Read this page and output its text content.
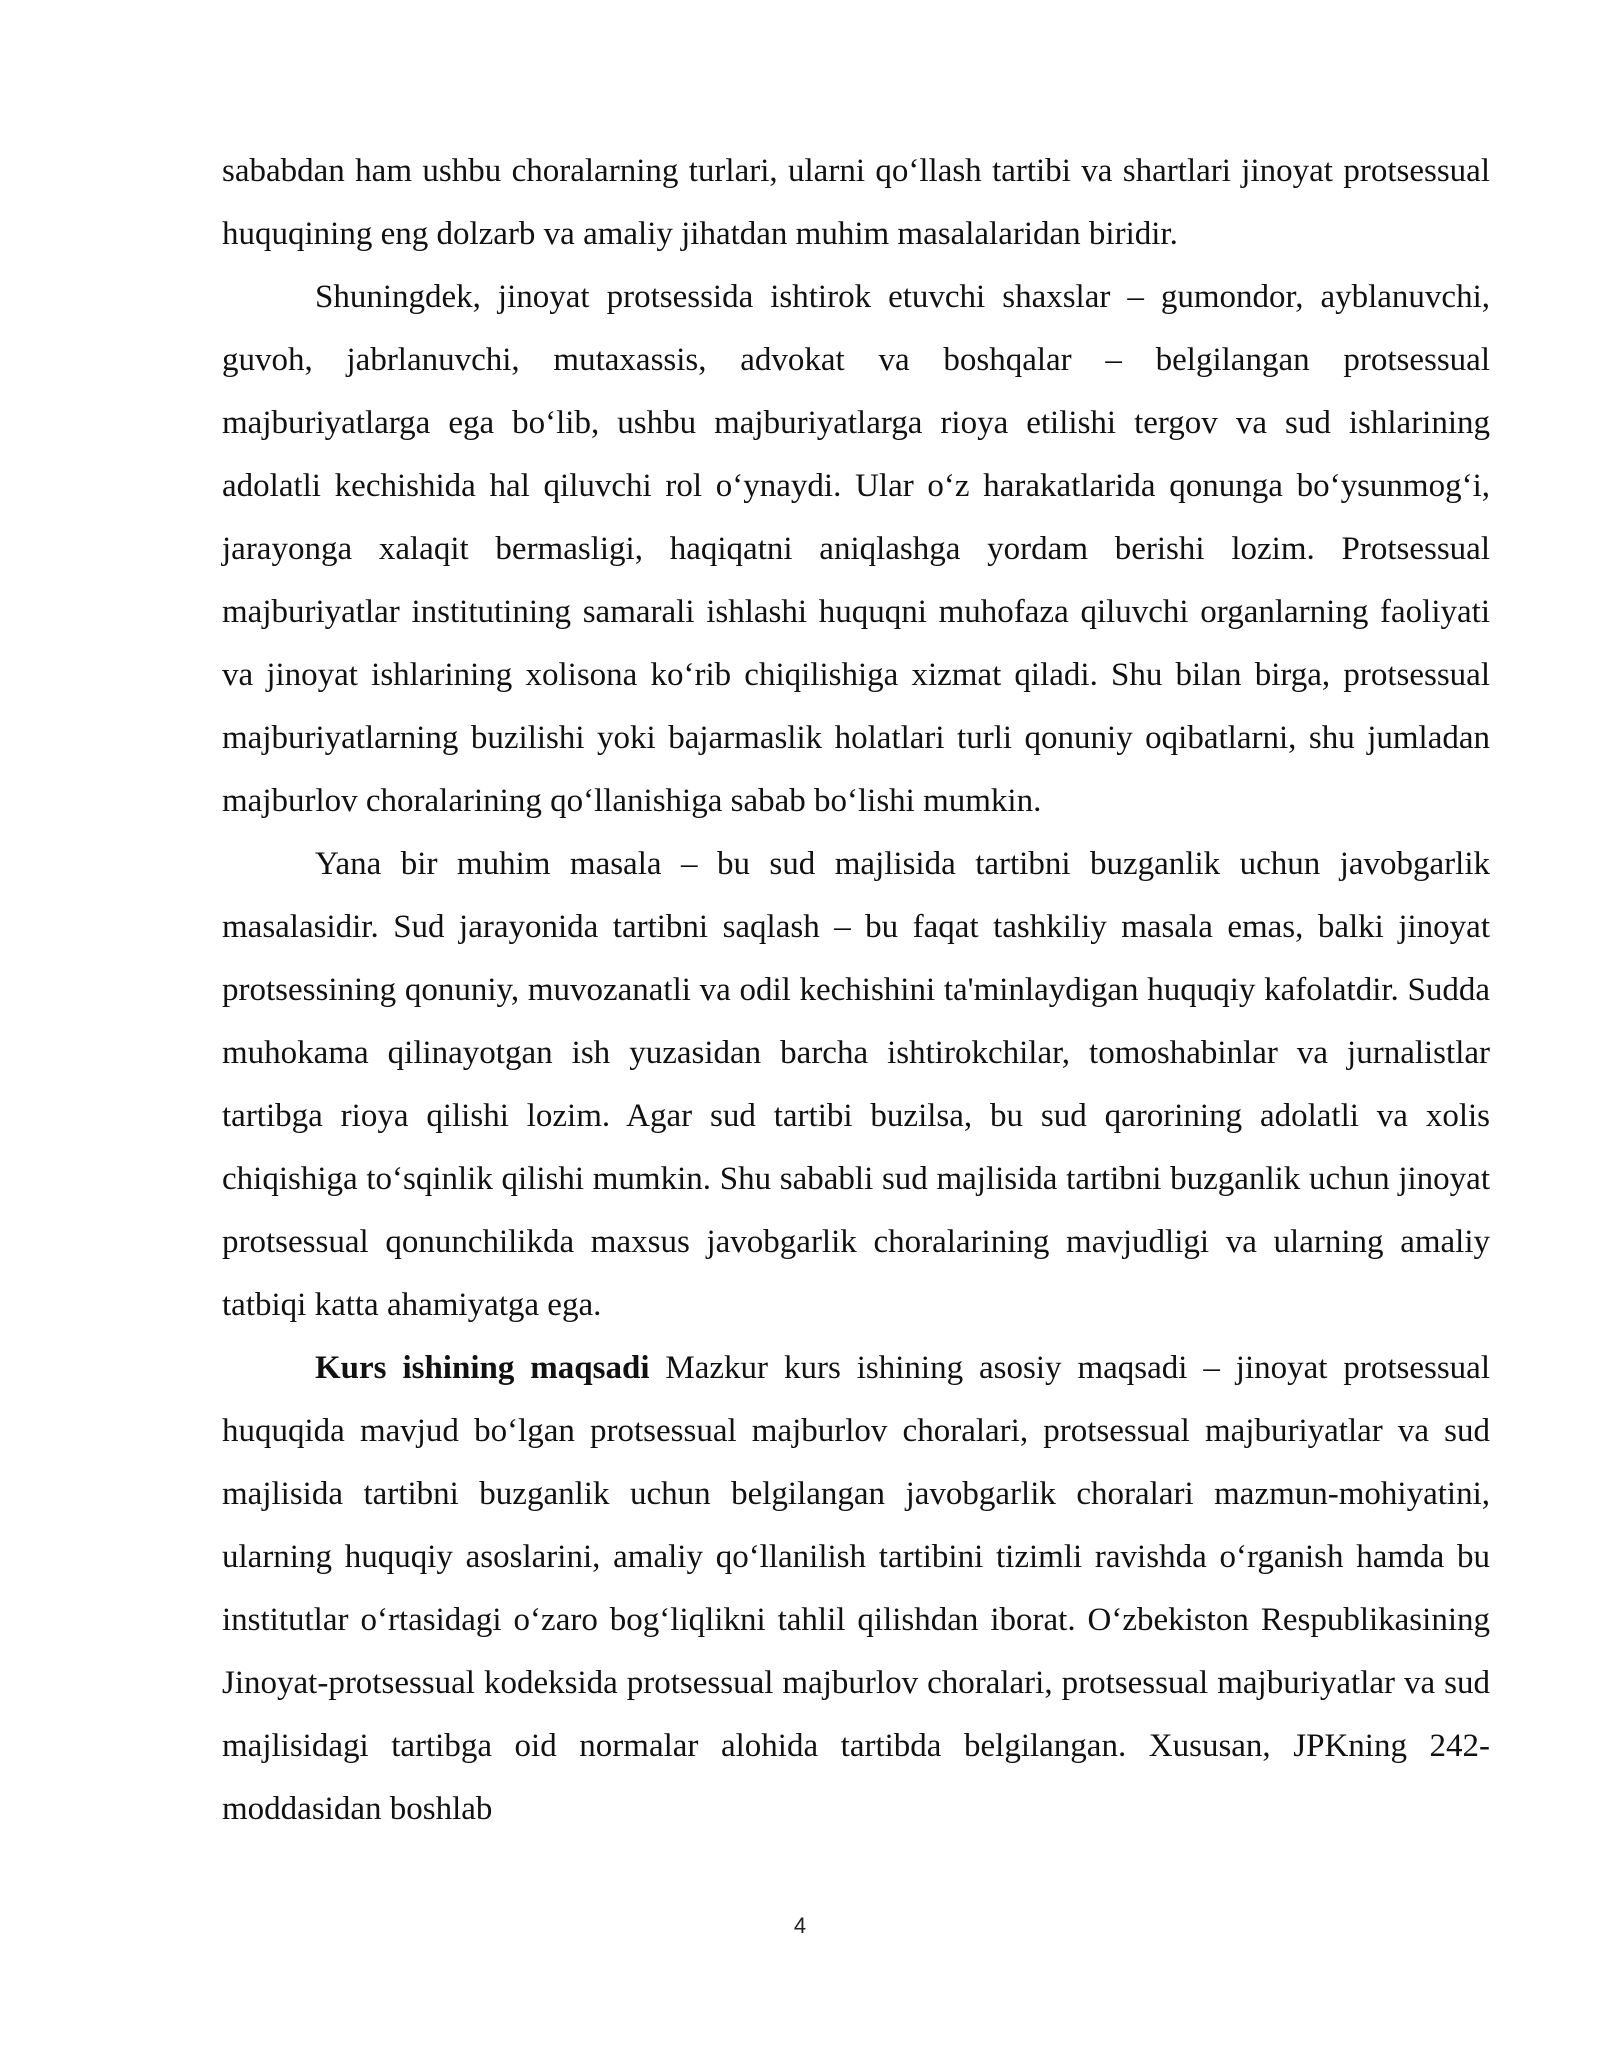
sababdan ham ushbu choralarning turlari, ularni qo‘llash tartibi va shartlari jinoyat protsessual huquqining eng dolzarb va amaliy jihatdan muhim masalalaridan biridir.

Shuningdek, jinoyat protsessida ishtirok etuvchi shaxslar – gumondor, ayblanuvchi, guvoh, jabrlanuvchi, mutaxassis, advokat va boshqalar – belgilangan protsessual majburiyatlarga ega bo‘lib, ushbu majburiyatlarga rioya etilishi tergov va sud ishlarining adolatli kechishida hal qiluvchi rol o‘ynaydi. Ular o‘z harakatlarida qonunga bo‘ysunmog‘i, jarayonga xalaqit bermasligi, haqiqatni aniqlashga yordam berishi lozim. Protsessual majburiyatlar institutining samarali ishlashi huquqni muhofaza qiluvchi organlarning faoliyati va jinoyat ishlarining xolisona ko‘rib chiqilishiga xizmat qiladi. Shu bilan birga, protsessual majburiyatlarning buzilishi yoki bajarmaslik holatlari turli qonuniy oqibatlarni, shu jumladan majburlov choralarining qo‘llanishiga sabab bo‘lishi mumkin.

Yana bir muhim masala – bu sud majlisida tartibni buzganlik uchun javobgarlik masalasidir. Sud jarayonida tartibni saqlash – bu faqat tashkiliy masala emas, balki jinoyat protsessining qonuniy, muvozanatli va odil kechishini ta'minlaydigan huquqiy kafolatdir. Sudda muhokama qilinayotgan ish yuzasidan barcha ishtirokchilar, tomoshabinlar va jurnalistlar tartibga rioya qilishi lozim. Agar sud tartibi buzilsa, bu sud qarorining adolatli va xolis chiqishiga to‘sqinlik qilishi mumkin. Shu sababli sud majlisida tartibni buzganlik uchun jinoyat protsessual qonunchilikda maxsus javobgarlik choralarining mavjudligi va ularning amaliy tatbiqi katta ahamiyatga ega.

Kurs ishining maqsadi Mazkur kurs ishining asosiy maqsadi – jinoyat protsessual huquqida mavjud bo‘lgan protsessual majburlov choralari, protsessual majburiyatlar va sud majlisida tartibni buzganlik uchun belgilangan javobgarlik choralari mazmun-mohiyatini, ularning huquqiy asoslarini, amaliy qo‘llanilish tartibini tizimli ravishda o‘rganish hamda bu institutlar o‘rtasidagi o‘zaro bog‘liqlikni tahlil qilishdan iborat. O‘zbekiston Respublikasining Jinoyat-protsessual kodeksida protsessual majburlov choralari, protsessual majburiyatlar va sud majlisidagi tartibga oid normalar alohida tartibda belgilangan. Xususan, JPKning 242-moddasidan boshlab

4
